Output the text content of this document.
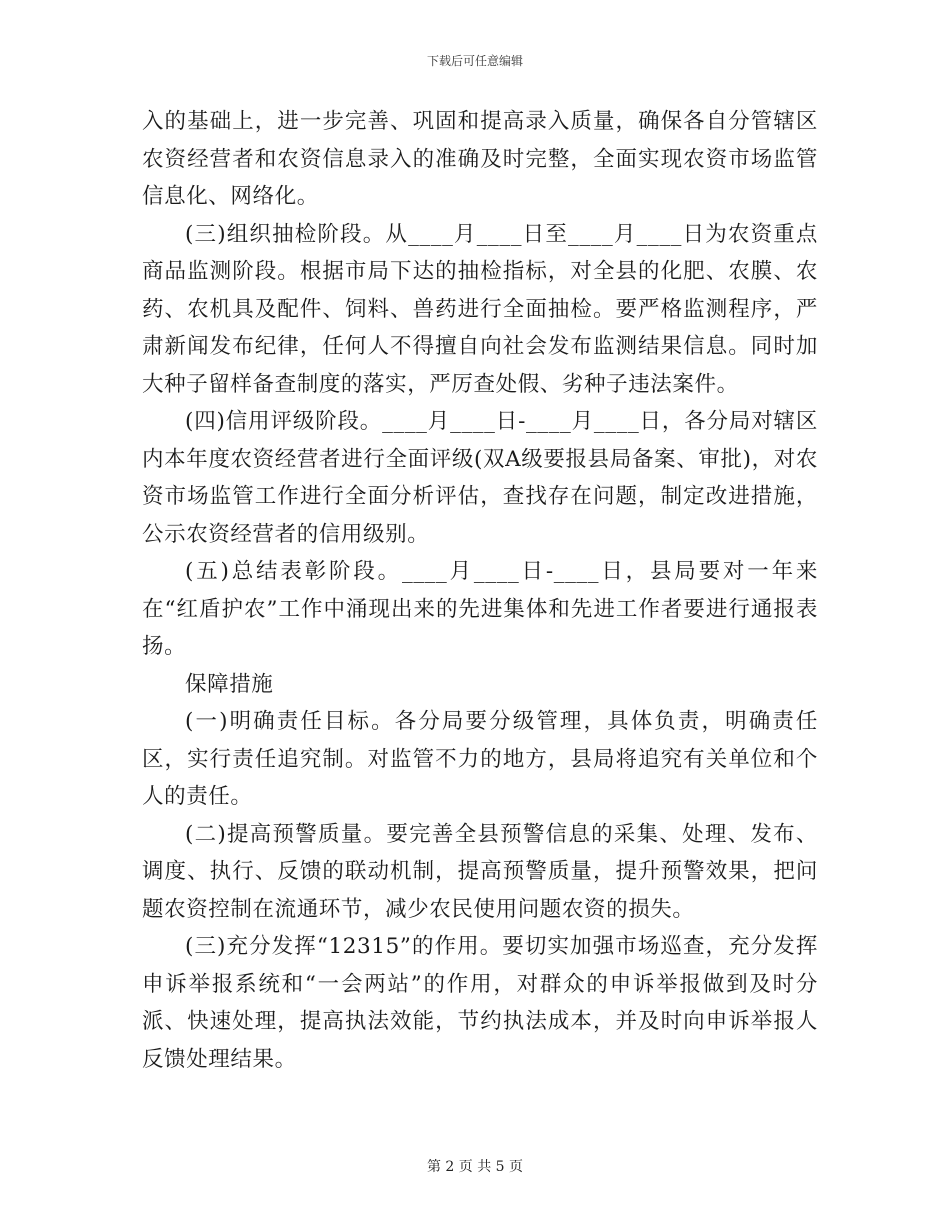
下载后可任意编辑

入的基础上，进一步完善、巩固和提高录入质量，确保各自分管辖区农资经营者和农资信息录入的准确及时完整，全面实现农资市场监管信息化、网络化。

(三)组织抽检阶段。从____月____日至____月____日为农资重点商品监测阶段。根据市局下达的抽检指标，对全县的化肥、农膜、农药、农机具及配件、饲料、兽药进行全面抽检。要严格监测程序，严肃新闻发布纪律，任何人不得擅自向社会发布监测结果信息。同时加大种子留样备查制度的落实，严厉查处假、劣种子违法案件。

(四)信用评级阶段。____月____日-____月____日，各分局对辖区内本年度农资经营者进行全面评级(双A级要报县局备案、审批)，对农资市场监管工作进行全面分析评估，查找存在问题，制定改进措施，公示农资经营者的信用级别。

(五)总结表彰阶段。____月____日-____日，县局要对一年来在“红盾护农”工作中涌现出来的先进集体和先进工作者要进行通报表扬。

保障措施

(一)明确责任目标。各分局要分级管理，具体负责，明确责任区，实行责任追究制。对监管不力的地方，县局将追究有关单位和个人的责任。

(二)提高预警质量。要完善全县预警信息的采集、处理、发布、调度、执行、反馈的联动机制，提高预警质量，提升预警效果，把问题农资控制在流通环节，减少农民使用问题农资的损失。

(三)充分发挥“12315”的作用。要切实加强市场巡查，充分发挥申诉举报系统和“一会两站”的作用，对群众的申诉举报做到及时分派、快速处理，提高执法效能，节约执法成本，并及时向申诉举报人反馈处理结果。

第 2 页 共 5 页
